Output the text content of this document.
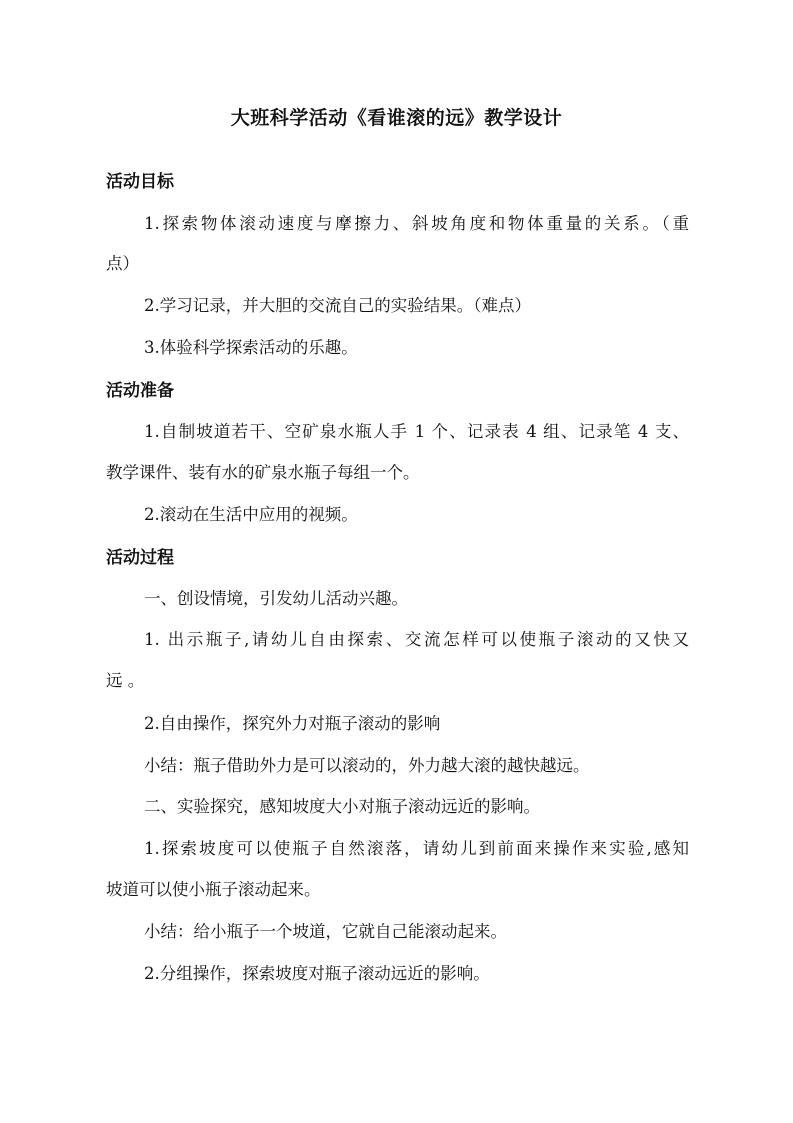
大班科学活动《看谁滚的远》教学设计
活动目标
1.探索物体滚动速度与摩擦力、斜坡角度和物体重量的关系。（重
点）
2.学习记录，并大胆的交流自己的实验结果。（难点）
3.体验科学探索活动的乐趣。
活动准备
1.自制坡道若干、空矿泉水瓶人手 1 个、记录表 4 组、记录笔 4 支、
教学课件、装有水的矿泉水瓶子每组一个。
2.滚动在生活中应用的视频。
活动过程
一、创设情境，引发幼儿活动兴趣。
1. 出示瓶子,请幼儿自由探索、交流怎样可以使瓶子滚动的又快又
远 。
2.自由操作，探究外力对瓶子滚动的影响
小结：瓶子借助外力是可以滚动的，外力越大滚的越快越远。
二、实验探究，感知坡度大小对瓶子滚动远近的影响。
1.探索坡度可以使瓶子自然滚落，请幼儿到前面来操作来实验,感知
坡道可以使小瓶子滚动起来。
小结：给小瓶子一个坡道，它就自己能滚动起来。
2.分组操作，探索坡度对瓶子滚动远近的影响。
